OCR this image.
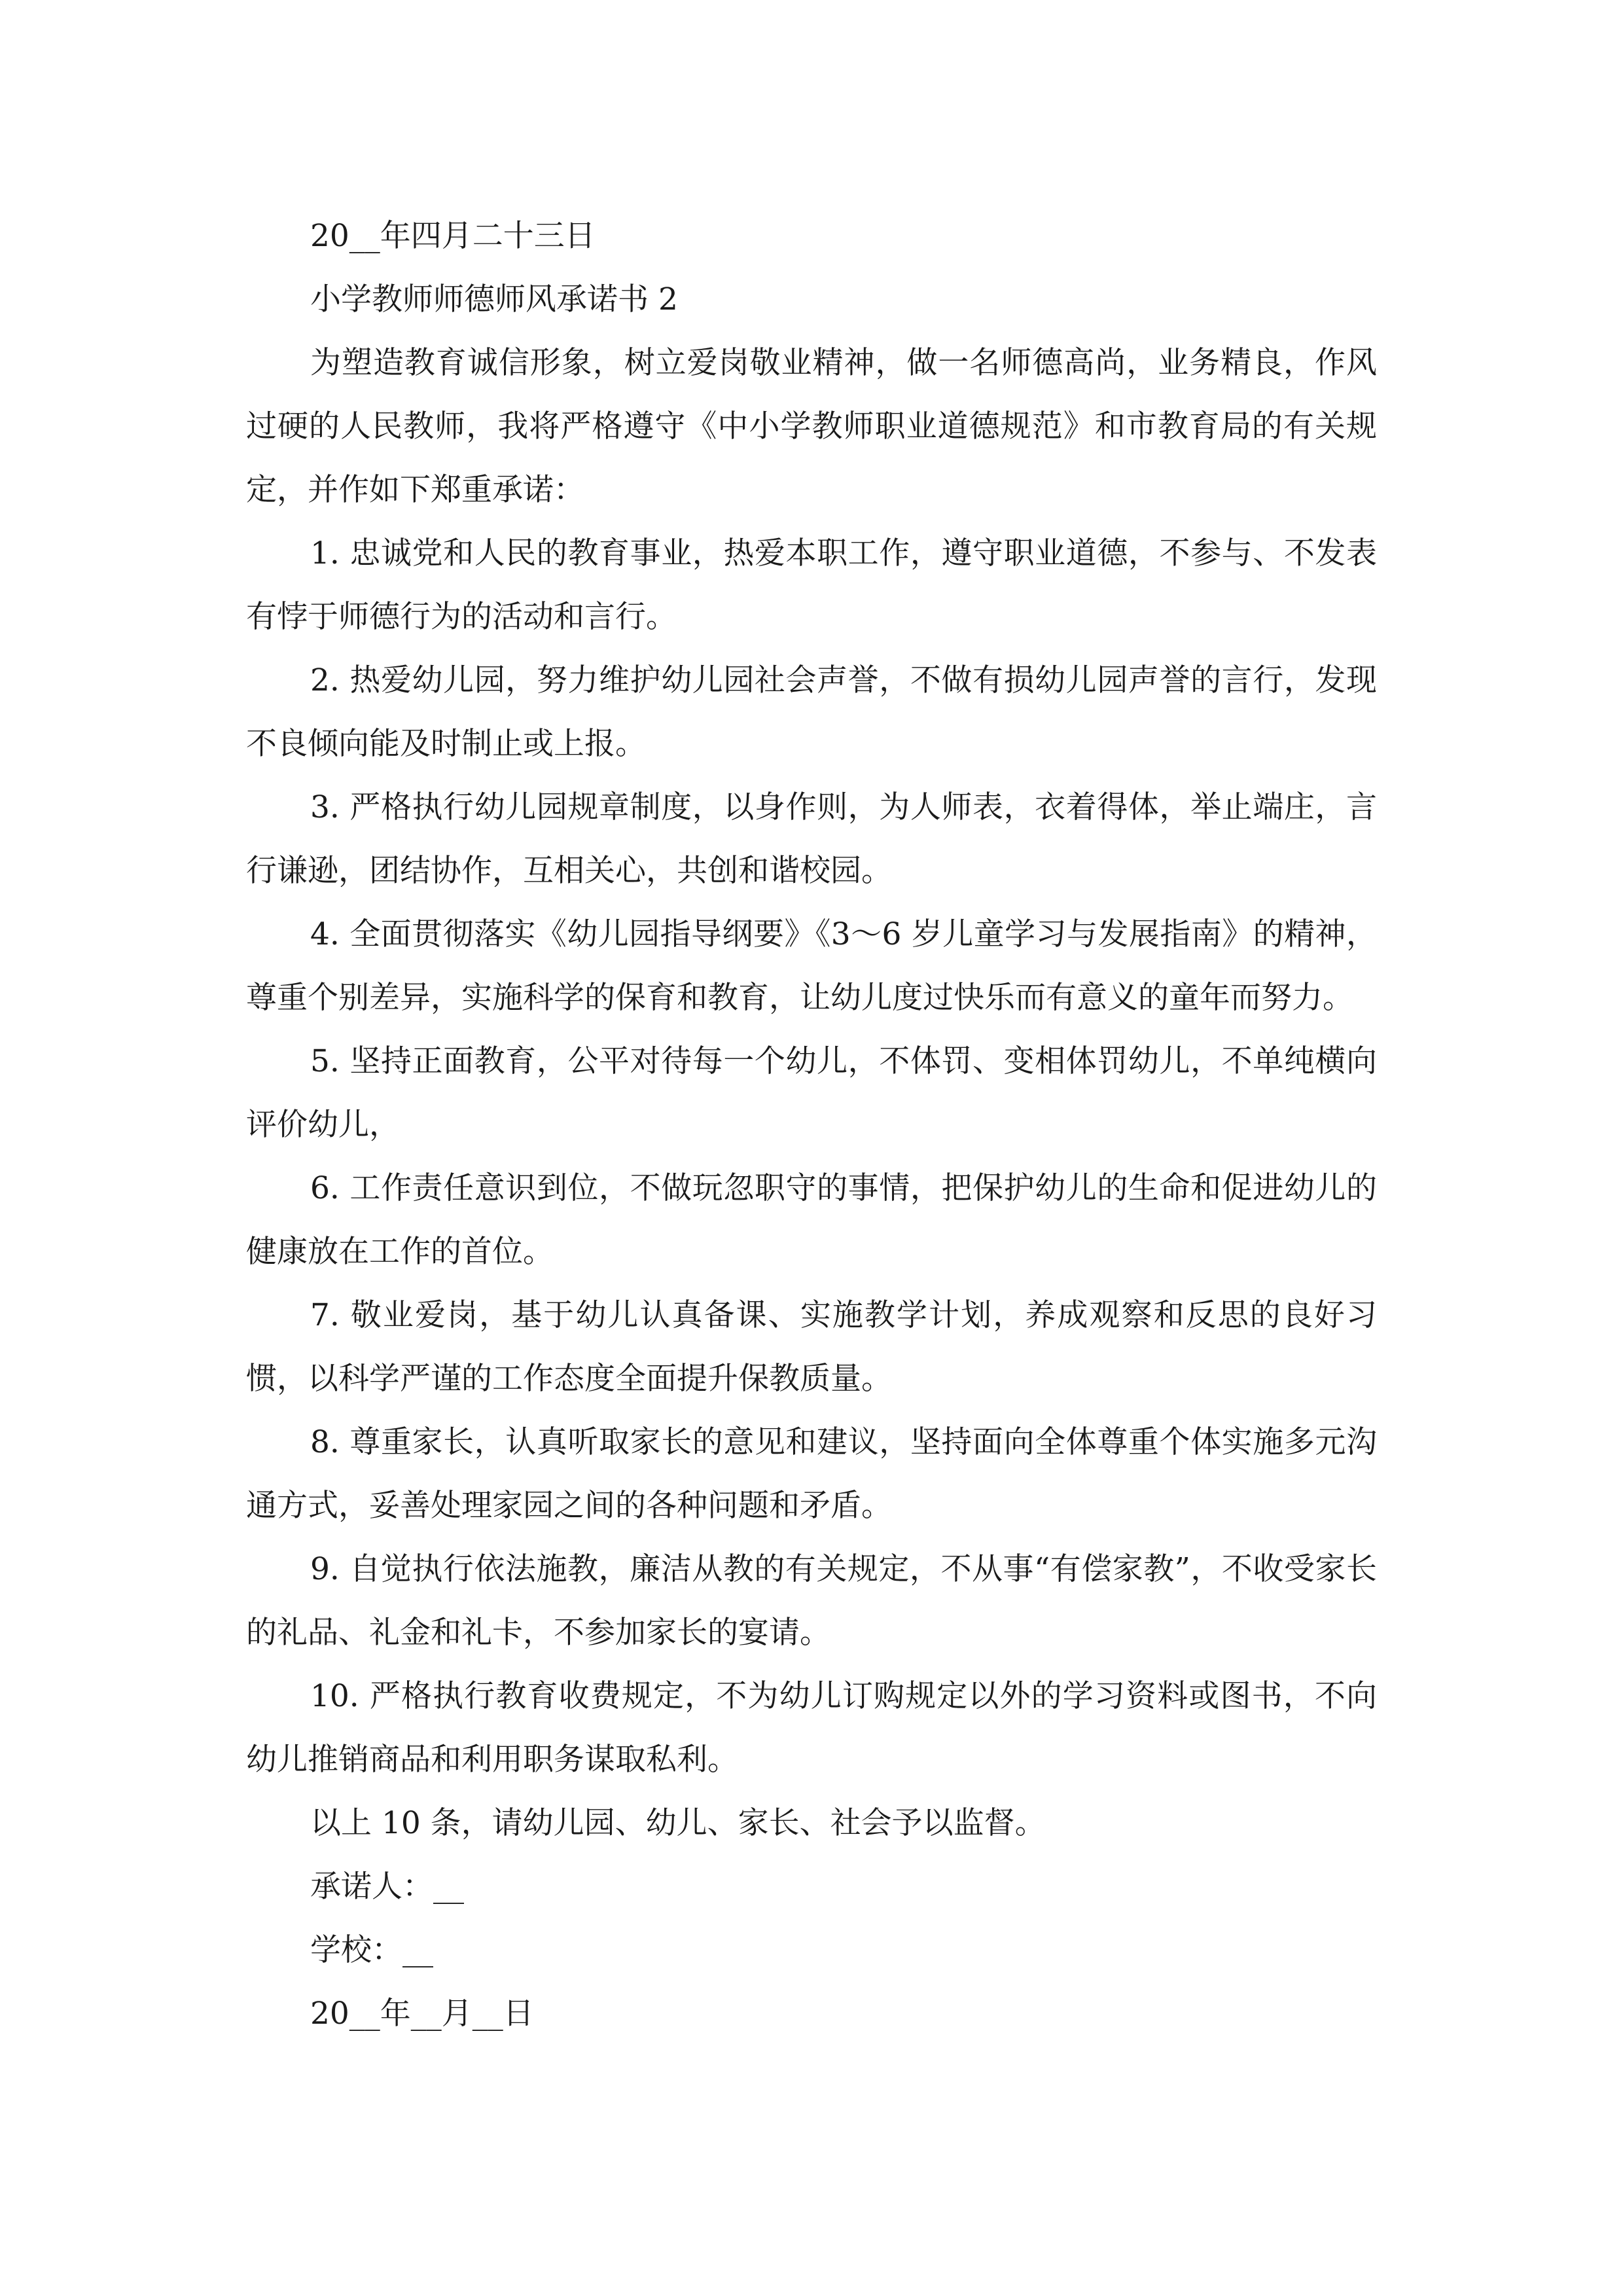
20__年四月二十三日

小学教师师德师风承诺书 2

为塑造教育诚信形象，树立爱岗敬业精神，做一名师德高尚，业务精良，作风过硬的人民教师，我将严格遵守《中小学教师职业道德规范》和市教育局的有关规定，并作如下郑重承诺：

1. 忠诚党和人民的教育事业，热爱本职工作，遵守职业道德，不参与、不发表有悖于师德行为的活动和言行。

2. 热爱幼儿园，努力维护幼儿园社会声誉，不做有损幼儿园声誉的言行，发现不良倾向能及时制止或上报。

3. 严格执行幼儿园规章制度，以身作则，为人师表，衣着得体，举止端庄，言行谦逊，团结协作，互相关心，共创和谐校园。

4. 全面贯彻落实《幼儿园指导纲要》《3～6 岁儿童学习与发展指南》的精神，尊重个别差异，实施科学的保育和教育，让幼儿度过快乐而有意义的童年而努力。

5. 坚持正面教育，公平对待每一个幼儿，不体罚、变相体罚幼儿，不单纯横向评价幼儿，

6. 工作责任意识到位，不做玩忽职守的事情，把保护幼儿的生命和促进幼儿的健康放在工作的首位。

7. 敬业爱岗，基于幼儿认真备课、实施教学计划，养成观察和反思的良好习惯，以科学严谨的工作态度全面提升保教质量。

8. 尊重家长，认真听取家长的意见和建议，坚持面向全体尊重个体实施多元沟通方式，妥善处理家园之间的各种问题和矛盾。

9. 自觉执行依法施教，廉洁从教的有关规定，不从事“有偿家教”，不收受家长的礼品、礼金和礼卡，不参加家长的宴请。

10. 严格执行教育收费规定，不为幼儿订购规定以外的学习资料或图书，不向幼儿推销商品和利用职务谋取私利。

以上 10 条，请幼儿园、幼儿、家长、社会予以监督。

承诺人：__

学校：__

20__年__月__日
